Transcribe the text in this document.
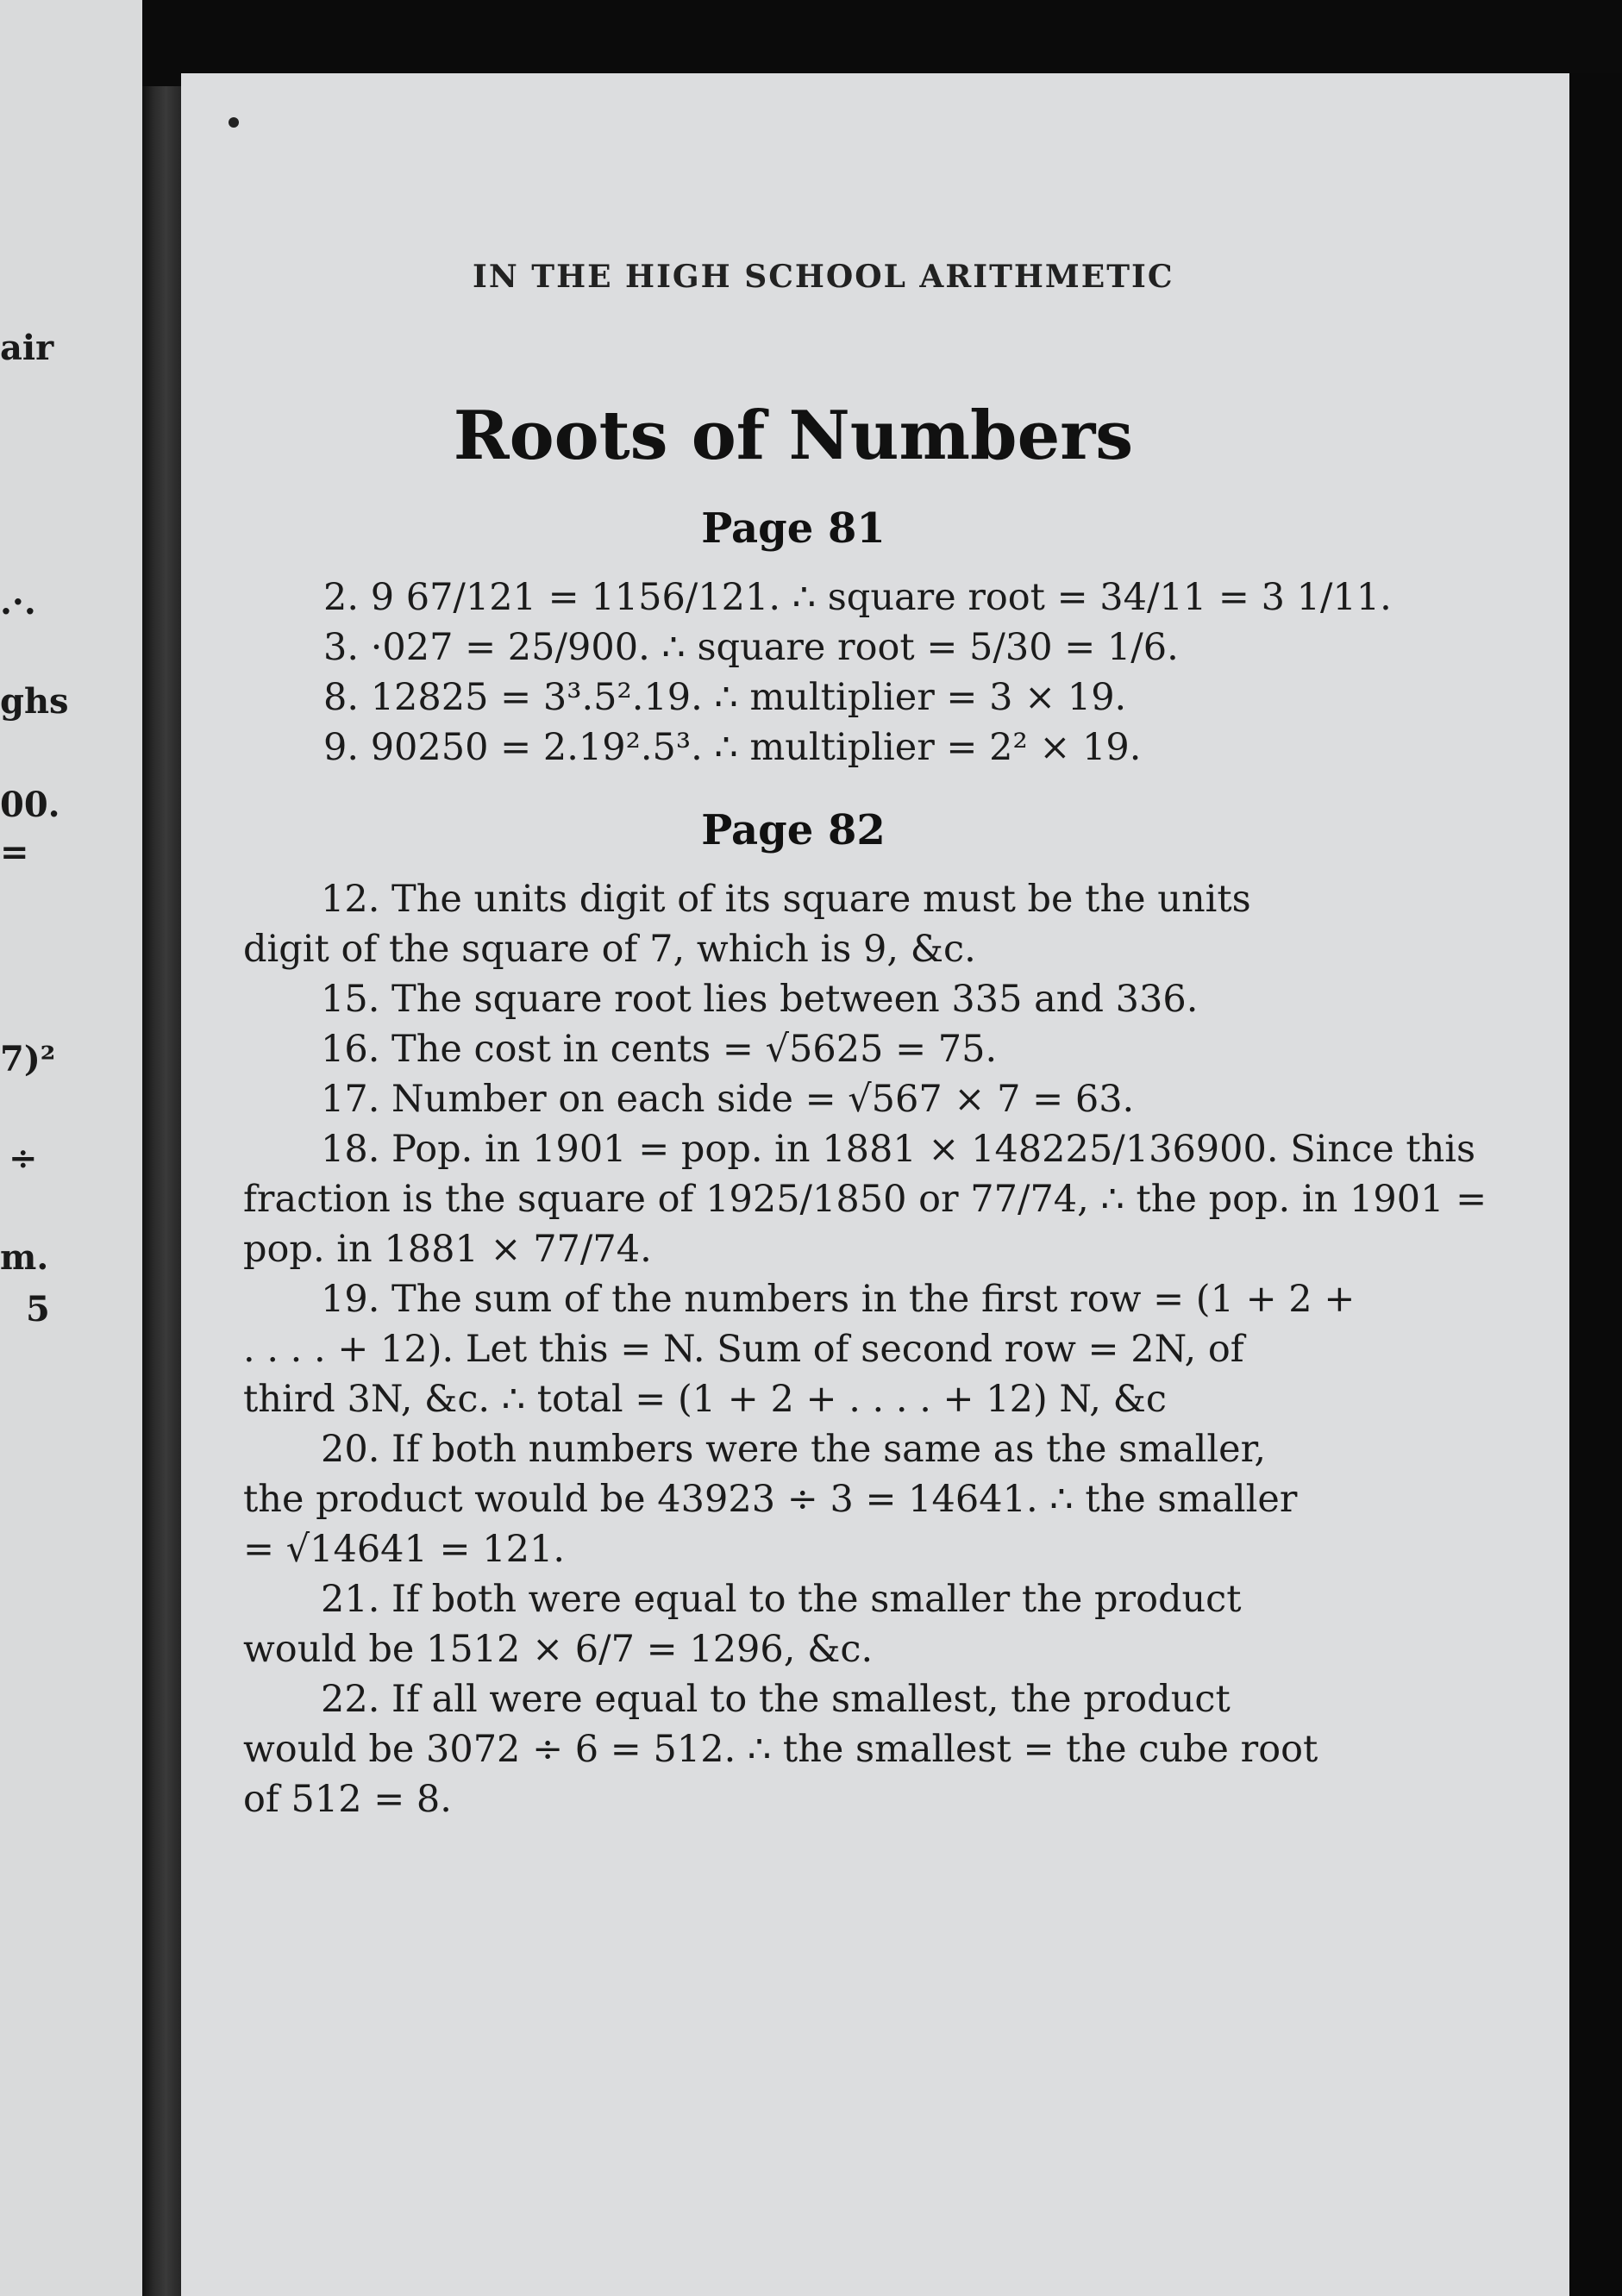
air
.·.
ghs
00.
=
7)²
÷
m.
5
IN THE HIGH SCHOOL ARITHMETIC
Roots of Numbers
Page 81
2. 9 67/121 = 1156/121. ∴ square root = 34/11 = 3 1/11.
3. ·027 = 25/900. ∴ square root = 5/30 = 1/6.
8. 12825 = 3³.5².19. ∴ multiplier = 3 × 19.
9. 90250 = 2.19².5³. ∴ multiplier = 2² × 19.
Page 82
12. The units digit of its square must be the units
digit of the square of 7, which is 9, &c.
15. The square root lies between 335 and 336.
16. The cost in cents = √5625 = 75.
17. Number on each side = √567 × 7 = 63.
18. Pop. in 1901 = pop. in 1881 × 148225/136900. Since this
fraction is the square of 1925/1850 or 77/74, ∴ the pop. in 1901 =
pop. in 1881 × 77/74.
19. The sum of the numbers in the first row = (1 + 2 +
. . . . + 12). Let this = N. Sum of second row = 2N, of
third 3N, &c. ∴ total = (1 + 2 + . . . . + 12) N, &c
20. If both numbers were the same as the smaller,
the product would be 43923 ÷ 3 = 14641. ∴ the smaller
= √14641 = 121.
21. If both were equal to the smaller the product
would be 1512 × 6/7 = 1296, &c.
22. If all were equal to the smallest, the product
would be 3072 ÷ 6 = 512. ∴ the smallest = the cube root
of 512 = 8.
